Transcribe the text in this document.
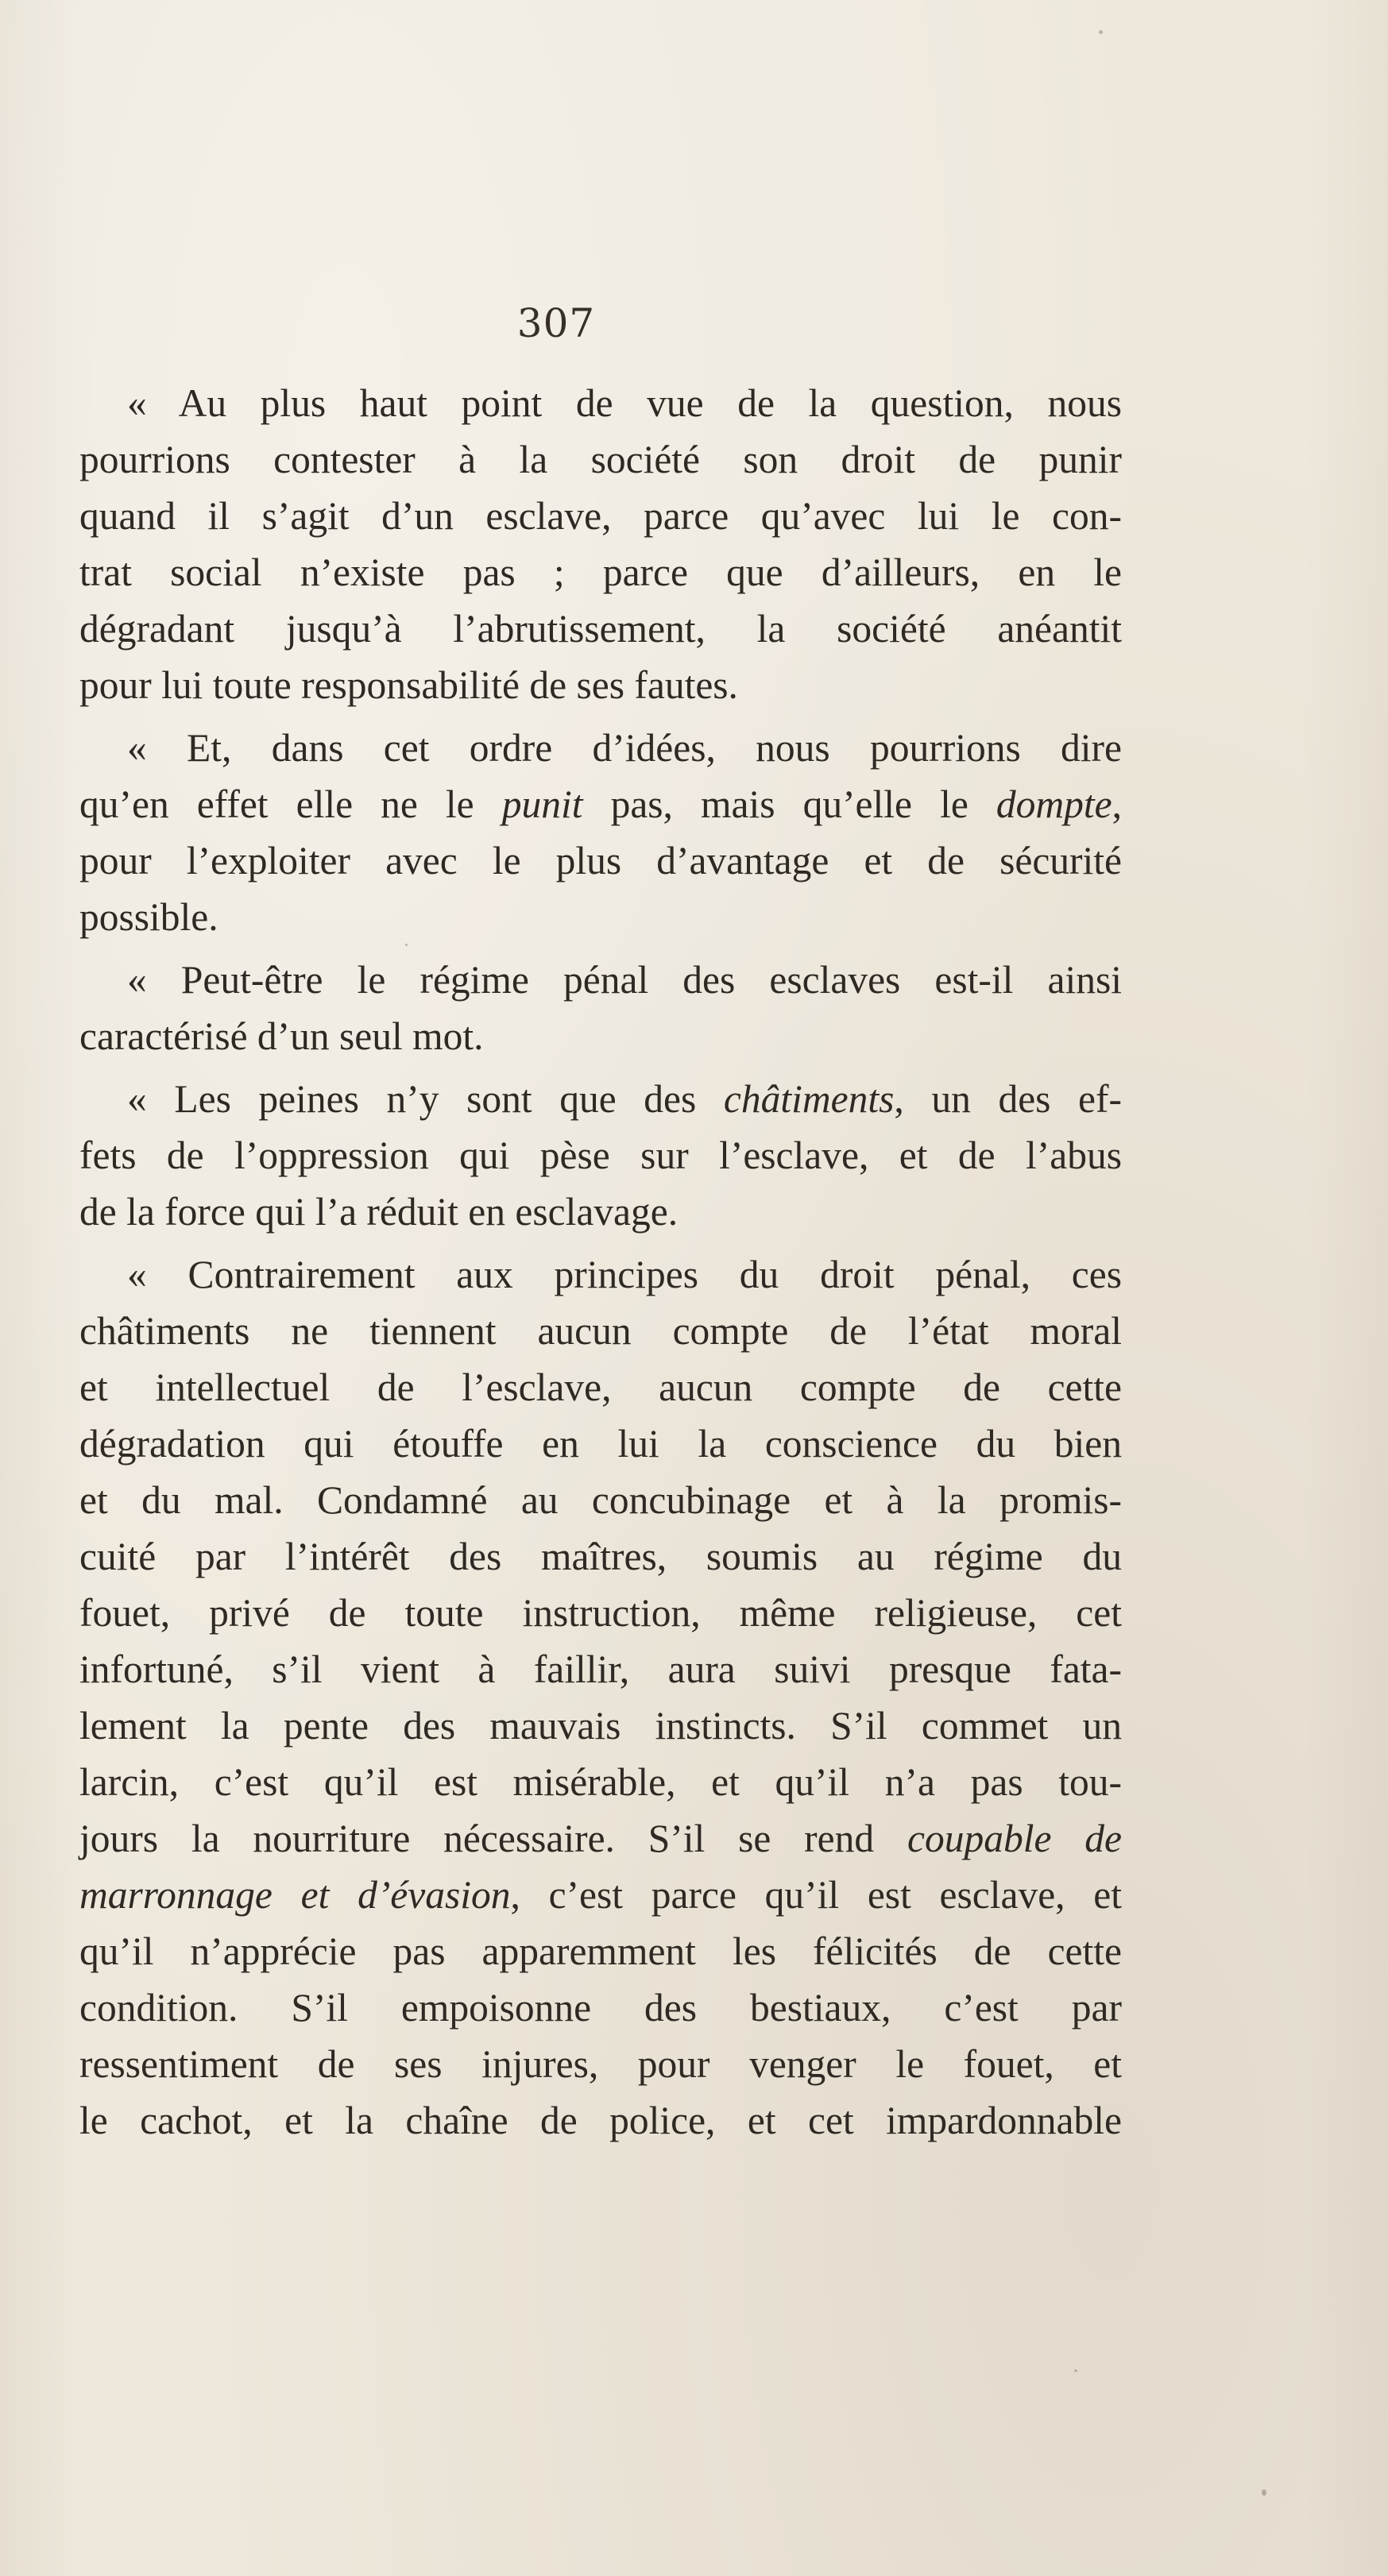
307
« Au plus haut point de vue de la question, nous
pourrions contester à la société son droit de punir
quand il s’agit d’un esclave, parce qu’avec lui le con-
trat social n’existe pas ; parce que d’ailleurs, en le
dégradant jusqu’à l’abrutissement, la société anéantit
pour lui toute responsabilité de ses fautes.
« Et, dans cet ordre d’idées, nous pourrions dire
qu’en effet elle ne le punit pas, mais qu’elle le dompte,
pour l’exploiter avec le plus d’avantage et de sécurité
possible.
« Peut-être le régime pénal des esclaves est-il ainsi
caractérisé d’un seul mot.
« Les peines n’y sont que des châtiments, un des ef-
fets de l’oppression qui pèse sur l’esclave, et de l’abus
de la force qui l’a réduit en esclavage.
« Contrairement aux principes du droit pénal, ces
châtiments ne tiennent aucun compte de l’état moral
et intellectuel de l’esclave, aucun compte de cette
dégradation qui étouffe en lui la conscience du bien
et du mal. Condamné au concubinage et à la promis-
cuité par l’intérêt des maîtres, soumis au régime du
fouet, privé de toute instruction, même religieuse, cet
infortuné, s’il vient à faillir, aura suivi presque fata-
lement la pente des mauvais instincts. S’il commet un
larcin, c’est qu’il est misérable, et qu’il n’a pas tou-
jours la nourriture nécessaire. S’il se rend coupable de
marronnage et d’évasion, c’est parce qu’il est esclave, et
qu’il n’apprécie pas apparemment les félicités de cette
condition. S’il empoisonne des bestiaux, c’est par
ressentiment de ses injures, pour venger le fouet, et
le cachot, et la chaîne de police, et cet impardonnable
